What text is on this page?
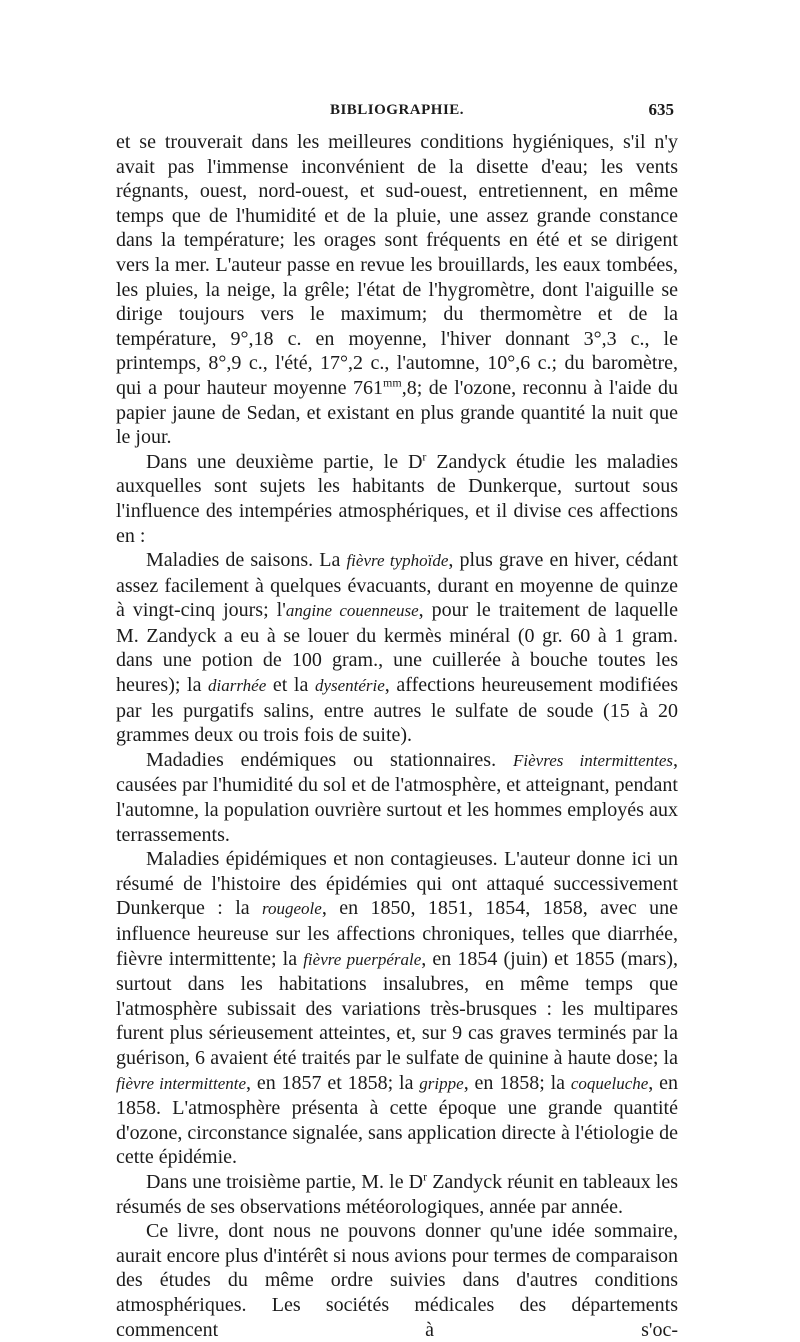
BIBLIOGRAPHIE.	635

et se trouverait dans les meilleures conditions hygiéniques, s'il n'y avait pas l'immense inconvénient de la disette d'eau; les vents régnants, ouest, nord-ouest, et sud-ouest, entretiennent, en même temps que de l'humidité et de la pluie, une assez grande constance dans la température; les orages sont fréquents en été et se dirigent vers la mer. L'auteur passe en revue les brouillards, les eaux tombées, les pluies, la neige, la grêle; l'état de l'hygromètre, dont l'aiguille se dirige toujours vers le maximum; du thermomètre et de la température, 9°,18 c. en moyenne, l'hiver donnant 3°,3 c., le printemps, 8°,9 c., l'été, 17°,2 c., l'automne, 10°,6 c.; du baromètre, qui a pour hauteur moyenne $761^{mm},8$; de l'ozone, reconnu à l'aide du papier jaune de Sedan, et existant en plus grande quantité la nuit que le jour.

Dans une deuxième partie, le $D^r$ Zandyck étudie les maladies auxquelles sont sujets les habitants de Dunkerque, surtout sous l'influence des intempéries atmosphériques, et il divise ces affections en :

Maladies de saisons. La fièvre typhoïde, plus grave en hiver, cédant assez facilement à quelques évacuants, durant en moyenne de quinze à vingt-cinq jours; l'angine couenneuse, pour le traitement de laquelle M. Zandyck a eu à se louer du kermès minéral (0 gr. 60 à 1 gram. dans une potion de 100 gram., une cuillerée à bouche toutes les heures); la diarrhée et la dysentérie, affections heureusement modifiées par les purgatifs salins, entre autres le sulfate de soude (15 à 20 grammes deux ou trois fois de suite).

Madadies endémiques ou stationnaires. Fièvres intermittentes, causées par l'humidité du sol et de l'atmosphère, et atteignant, pendant l'automne, la population ouvrière surtout et les hommes employés aux terrassements.

Maladies épidémiques et non contagieuses. L'auteur donne ici un résumé de l'histoire des épidémies qui ont attaqué successivement Dunkerque : la rougeole, en 1850, 1851, 1854, 1858, avec une influence heureuse sur les affections chroniques, telles que diarrhée, fièvre intermittente; la fièvre puerpérale, en 1854 (juin) et 1855 (mars), surtout dans les habitations insalubres, en même temps que l'atmosphère subissait des variations très-brusques : les multipares furent plus sérieusement atteintes, et, sur 9 cas graves terminés par la guérison, 6 avaient été traités par le sulfate de quinine à haute dose; la fièvre intermittente, en 1857 et 1858; la grippe, en 1858; la coqueluche, en 1858. L'atmosphère présenta à cette époque une grande quantité d'ozone, circonstance signalée, sans application directe à l'étiologie de cette épidémie.

Dans une troisième partie, M. le $D^r$ Zandyck réunit en tableaux les résumés de ses observations météorologiques, année par année.

Ce livre, dont nous ne pouvons donner qu'une idée sommaire, aurait encore plus d'intérêt si nous avions pour termes de comparaison des études du même ordre suivies dans d'autres conditions atmosphériques. Les sociétés médicales des départements commencent à s'oc-
